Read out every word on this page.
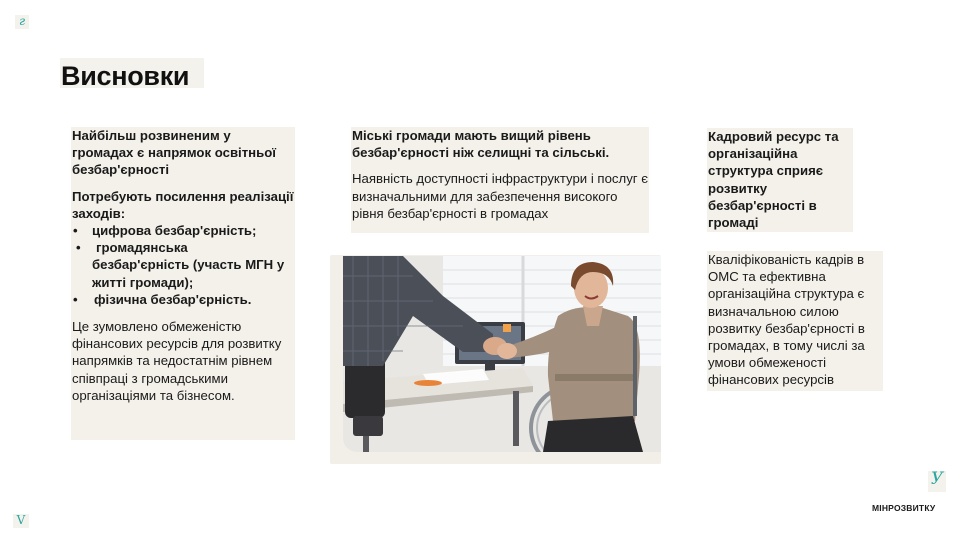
г
V
У
Висновки

Найбільш розвиненим у громадах є напрямок освітньої безбар'єрності

Потребують посилення реалізації заходів:

• цифрова безбар'єрність;
• громадянська
безбар'єрність (участь МГН у житті громади);
• фізична безбар'єрність.

Це зумовлено обмеженістю фінансових ресурсів для розвитку напрямків та недостатнім рівнем співпраці з громадськими організаціями та бізнесом.

Міські громади мають вищий рівень безбар'єрності ніж селищні та сільські.

Наявність доступності інфраструктури і послуг є визначальними для забезпечення високого рівня безбар'єрності в громадах

Кадровий ресурс та організаційна структура сприяє розвитку безбар'єрності в громаді

Кваліфікованість кадрів в ОМС та ефективна організаційна структура є визначальною силою розвитку безбар'єрності в громадах, в тому числі за умови обмеженості фінансових ресурсів

МІНРОЗВИТКУ
